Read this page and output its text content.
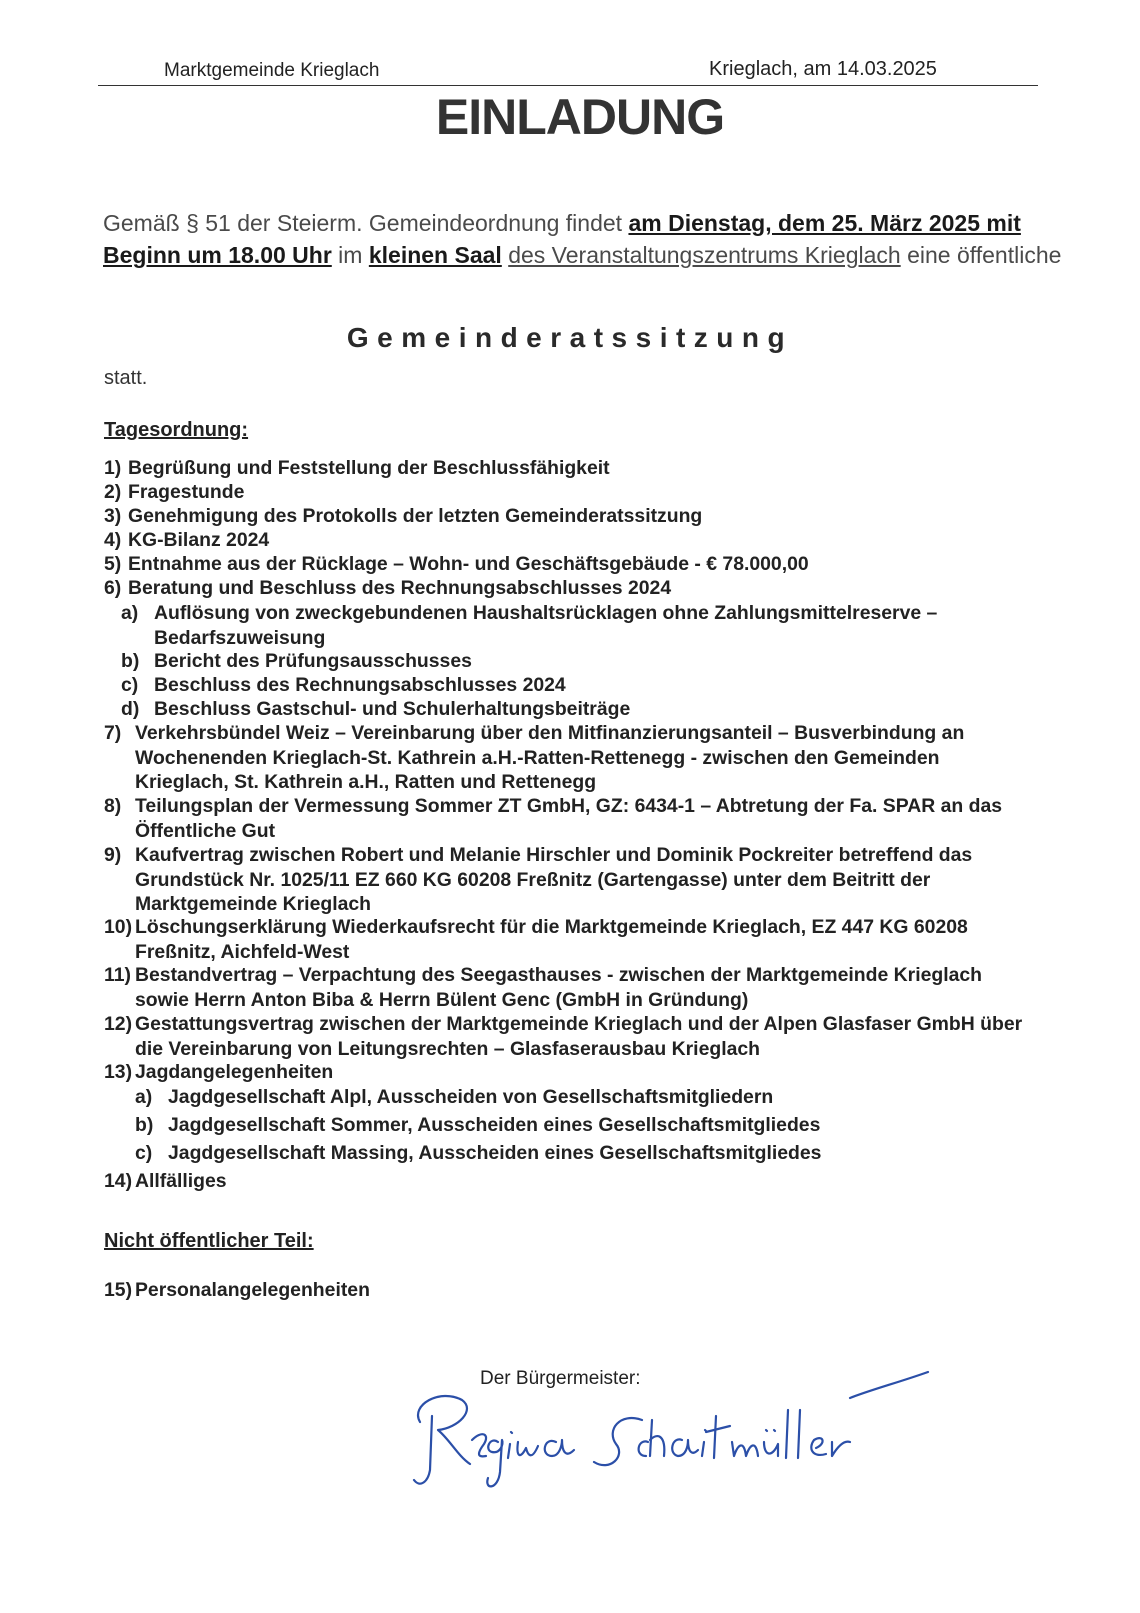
Marktgemeinde Krieglach	Krieglach, am 14.03.2025
EINLADUNG
Gemäß § 51 der Steierm. Gemeindeordnung findet am Dienstag, dem 25. März 2025 mit Beginn um 18.00 Uhr im kleinen Saal des Veranstaltungszentrums Krieglach eine öffentliche
Gemeinderatssitzung
statt.
Tagesordnung:
1) Begrüßung und Feststellung der Beschlussfähigkeit
2) Fragestunde
3) Genehmigung des Protokolls der letzten Gemeinderatssitzung
4) KG-Bilanz 2024
5) Entnahme aus der Rücklage – Wohn- und Geschäftsgebäude - € 78.000,00
6) Beratung und Beschluss des Rechnungsabschlusses 2024
a) Auflösung von zweckgebundenen Haushaltsrücklagen ohne Zahlungsmittelreserve –
Bedarfszuweisung
b) Bericht des Prüfungsausschusses
c) Beschluss des Rechnungsabschlusses 2024
d) Beschluss Gastschul- und Schulerhaltungsbeiträge
7) Verkehrsbündel Weiz – Vereinbarung über den Mitfinanzierungsanteil – Busverbindung an
Wochenenden Krieglach-St. Kathrein a.H.-Ratten-Rettenegg - zwischen den Gemeinden
Krieglach, St. Kathrein a.H., Ratten und Rettenegg
8) Teilungsplan der Vermessung Sommer ZT GmbH, GZ: 6434-1 – Abtretung der Fa. SPAR an das
Öffentliche Gut
9) Kaufvertrag zwischen Robert und Melanie Hirschler und Dominik Pockreiter betreffend das
Grundstück Nr. 1025/11 EZ 660 KG 60208 Freßnitz (Gartengasse) unter dem Beitritt der
Marktgemeinde Krieglach
10) Löschungserklärung Wiederkaufsrecht für die Marktgemeinde Krieglach, EZ 447 KG 60208
Freßnitz, Aichfeld-West
11) Bestandvertrag – Verpachtung des Seegasthauses - zwischen der Marktgemeinde Krieglach
sowie Herrn Anton Biba & Herrn Bülent Genc (GmbH in Gründung)
12) Gestattungsvertrag zwischen der Marktgemeinde Krieglach und der Alpen Glasfaser GmbH über
die Vereinbarung von Leitungsrechten – Glasfaserausbau Krieglach
13) Jagdangelegenheiten
a) Jagdgesellschaft Alpl, Ausscheiden von Gesellschaftsmitgliedern
b) Jagdgesellschaft Sommer, Ausscheiden eines Gesellschaftsmitgliedes
c) Jagdgesellschaft Massing, Ausscheiden eines Gesellschaftsmitgliedes
14) Allfälliges
Nicht öffentlicher Teil:
15) Personalangelegenheiten
Der Bürgermeister:
